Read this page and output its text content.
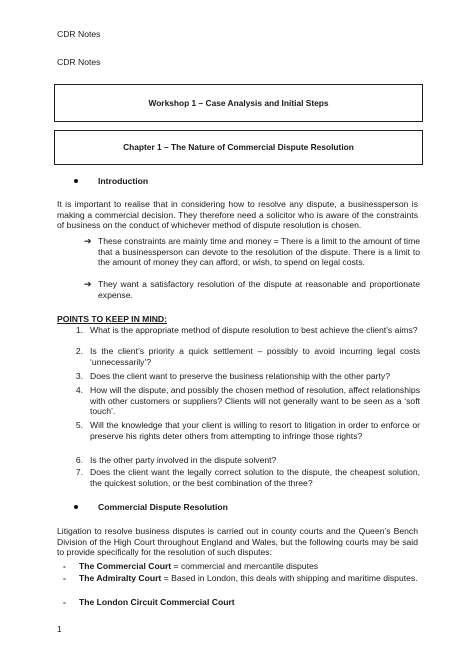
CDR Notes
CDR Notes
Workshop 1 – Case Analysis and Initial Steps
Chapter 1 – The Nature of Commercial Dispute Resolution
Introduction
It is important to realise that in considering how to resolve any dispute, a businessperson is making a commercial decision. They therefore need a solicitor who is aware of the constraints of business on the conduct of whichever method of dispute resolution is chosen.
➔ These constraints are mainly time and money = There is a limit to the amount of time that a businessperson can devote to the resolution of the dispute. There is a limit to the amount of money they can afford, or wish, to spend on legal costs.
➔ They want a satisfactory resolution of the dispute at reasonable and proportionate expense.
POINTS TO KEEP IN MIND:
1. What is the appropriate method of dispute resolution to best achieve the client’s aims?
2. Is the client’s priority a quick settlement – possibly to avoid incurring legal costs ‘unnecessarily’?
3. Does the client want to preserve the business relationship with the other party?
4. How will the dispute, and possibly the chosen method of resolution, affect relationships with other customers or suppliers? Clients will not generally want to be seen as a ‘soft touch’.
5. Will the knowledge that your client is willing to resort to litigation in order to enforce or preserve his rights deter others from attempting to infringe those rights?
6. Is the other party involved in the dispute solvent?
7. Does the client want the legally correct solution to the dispute, the cheapest solution, the quickest solution, or the best combination of the three?
Commercial Dispute Resolution
Litigation to resolve business disputes is carried out in county courts and the Queen’s Bench Division of the High Court throughout England and Wales, but the following courts may be said to provide specifically for the resolution of such disputes:
-	The Commercial Court = commercial and mercantile disputes
-	The Admiralty Court = Based in London, this deals with shipping and maritime disputes.
-	The London Circuit Commercial Court
1
